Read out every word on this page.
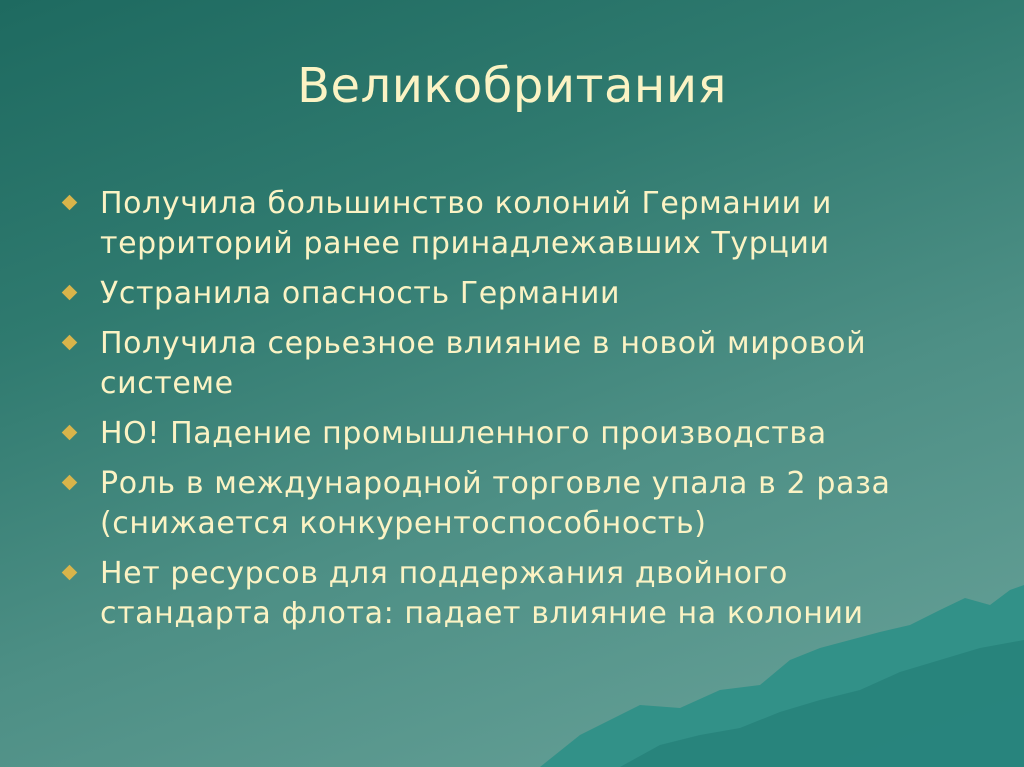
Великобритания
Получила большинство колоний Германии и территорий ранее принадлежавших Турции
Устранила опасность Германии
Получила серьезное влияние в новой мировой системе
НО! Падение промышленного производства
Роль в международной торговле упала в 2 раза (снижается конкурентоспособность)
Нет ресурсов для поддержания двойного стандарта флота: падает влияние на колонии
